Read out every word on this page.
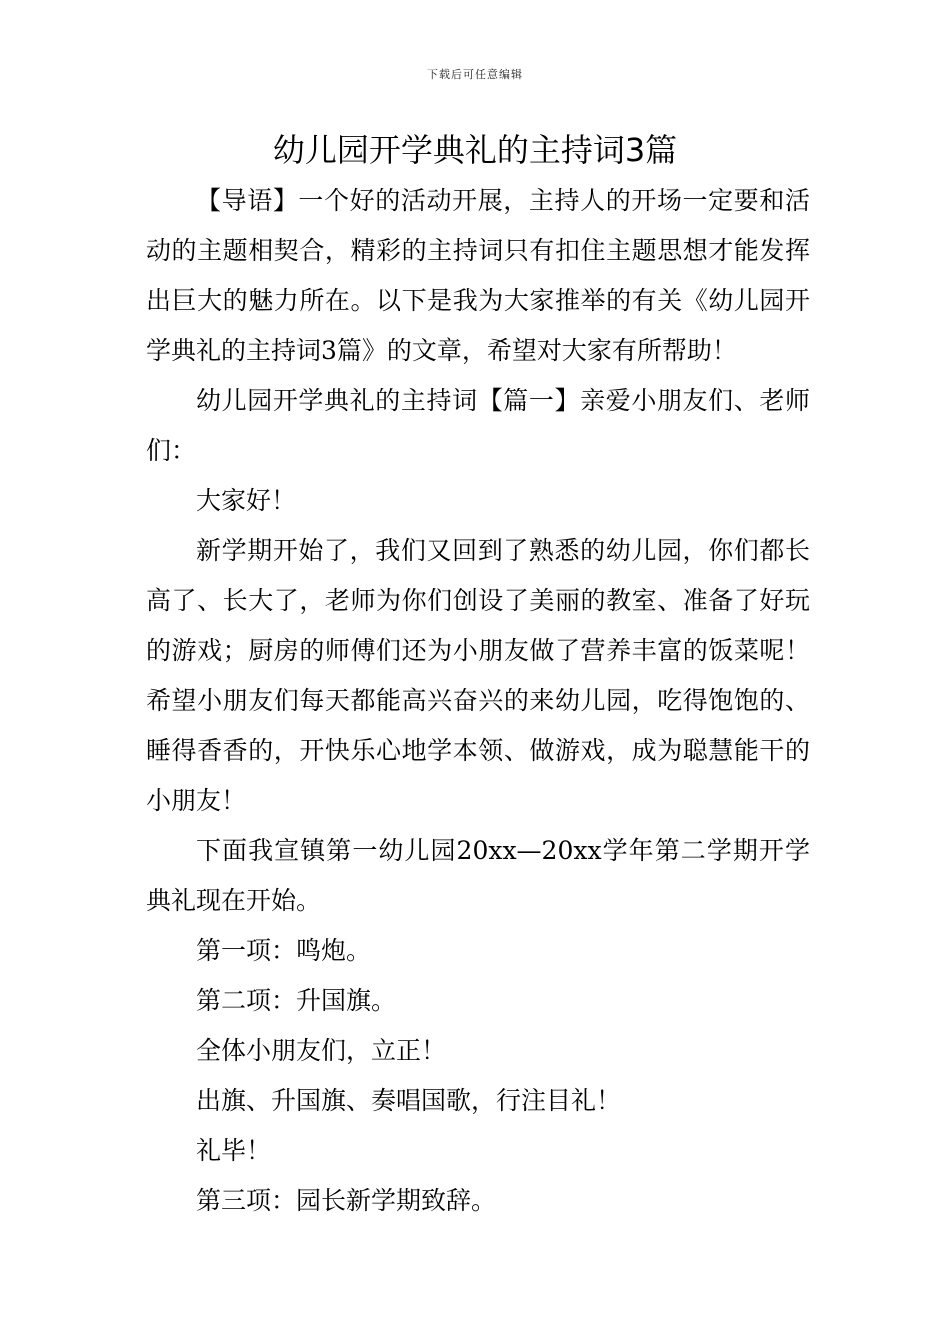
下载后可任意编辑
幼儿园开学典礼的主持词3篇

【导语】一个好的活动开展，主持人的开场一定要和活动的主题相契合，精彩的主持词只有扣住主题思想才能发挥出巨大的魅力所在。以下是我为大家推举的有关《幼儿园开学典礼的主持词3篇》的文章，希望对大家有所帮助！

幼儿园开学典礼的主持词【篇一】亲爱小朋友们、老师们：

大家好！

新学期开始了，我们又回到了熟悉的幼儿园，你们都长高了、长大了，老师为你们创设了美丽的教室、准备了好玩的游戏；厨房的师傅们还为小朋友做了营养丰富的饭菜呢！希望小朋友们每天都能高兴奋兴的来幼儿园，吃得饱饱的、睡得香香的，开快乐心地学本领、做游戏，成为聪慧能干的小朋友！

下面我宣镇第一幼儿园20xx—20xx学年第二学期开学典礼现在开始。

第一项：鸣炮。

第二项：升国旗。

全体小朋友们，立正！

出旗、升国旗、奏唱国歌，行注目礼！

礼毕！

第三项：园长新学期致辞。
